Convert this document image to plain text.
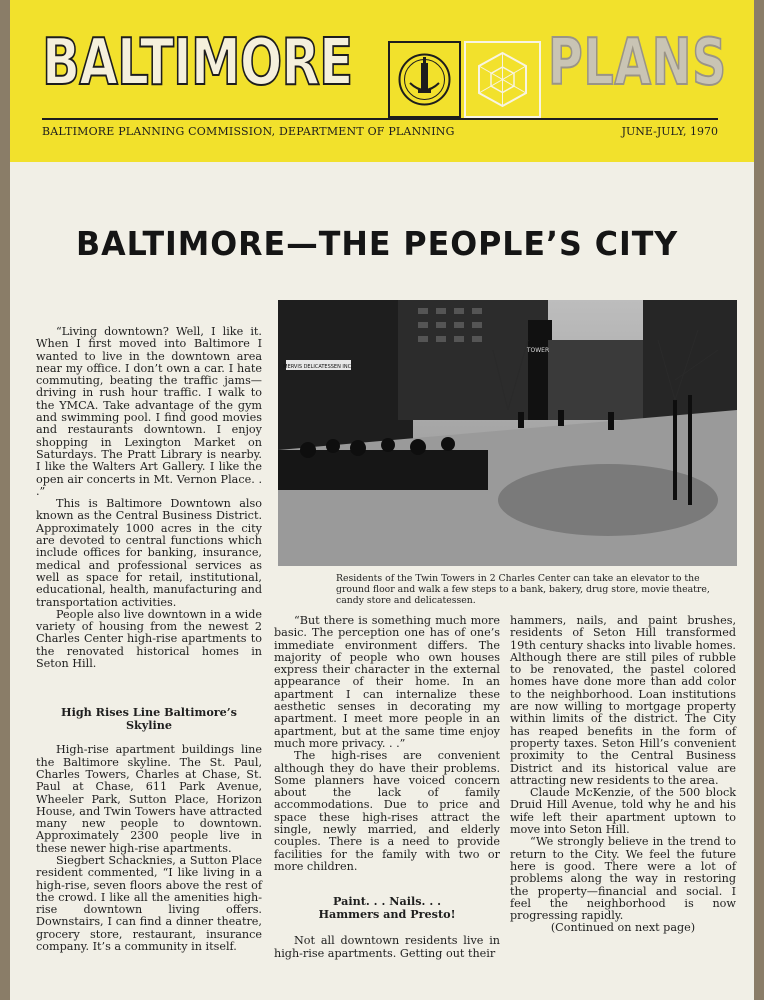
BALTIMORE	PLANS
BALTIMORE PLANNING COMMISSION, DEPARTMENT OF PLANNING	JUNE-JULY, 1970
BALTIMORE—THE PEOPLE’S CITY

“Living downtown? Well, I like it. When I first moved into Baltimore I wanted to live in the downtown area near my office. I don’t own a car. I hate commuting, beating the traffic jams—driving in rush hour traffic. I walk to the YMCA. Take advantage of the gym and swimming pool. I find good movies and restaurants downtown. I enjoy shopping in Lexington Market on Saturdays. The Pratt Library is nearby. I like the Walters Art Gallery. I like the open air concerts in Mt. Vernon Place. . .”

This is Baltimore Downtown also known as the Central Business District. Approximately 1000 acres in the city are devoted to central functions which include offices for banking, insurance, medical and professional services as well as space for retail, institutional, educational, health, manufacturing and transportation activities.

People also live downtown in a wide variety of housing from the newest 2 Charles Center high-rise apartments to the renovated historical homes in Seton Hill.

High Rises Line Baltimore’s Skyline

High-rise apartment buildings line the Baltimore skyline. The St. Paul, Charles Towers, Charles at Chase, St. Paul at Chase, 611 Park Avenue, Wheeler Park, Sutton Place, Horizon House, and Twin Towers have attracted many new people to downtown. Approximately 2300 people live in these newer high-rise apartments.

Siegbert Schacknies, a Sutton Place resident commented, “I like living in a high-rise, seven floors above the rest of the crowd. I like all the amenities high-rise downtown living offers. Downstairs, I can find a dinner theatre, grocery store, restaurant, insurance company. It’s a community in itself.

MERVIS DELICATESSEN INC.
TOWER
Residents of the Twin Towers in 2 Charles Center can take an elevator to the ground floor and walk a few steps to a bank, bakery, drug store, movie theatre, candy store and delicatessen.

“But there is something much more basic. The perception one has of one’s immediate environment differs. The majority of people who own houses express their character in the external appearance of their home. In an apartment I can internalize these aesthetic senses in decorating my apartment. I meet more people in an apartment, but at the same time enjoy much more privacy. . .”

The high-rises are convenient although they do have their problems. Some planners have voiced concern about the lack of family accommodations. Due to price and space these high-rises attract the single, newly married, and elderly couples. There is a need to provide facilities for the family with two or more children.

Paint. . . Nails. . . Hammers and Presto!

Not all downtown residents live in high-rise apartments. Getting out their

hammers, nails, and paint brushes, residents of Seton Hill transformed 19th century shacks into livable homes. Although there are still piles of rubble to be renovated, the pastel colored homes have done more than add color to the neighborhood. Loan institutions are now willing to mortgage property within limits of the district. The City has reaped benefits in the form of property taxes. Seton Hill’s convenient proximity to the Central Business District and its historical value are attracting new residents to the area.

Claude McKenzie, of the 500 block Druid Hill Avenue, told why he and his wife left their apartment uptown to move into Seton Hill.

“We strongly believe in the trend to return to the City. We feel the future here is good. There were a lot of problems along the way in restoring the property—financial and social. I feel the neighborhood is now progressing rapidly.

(Continued on next page)
